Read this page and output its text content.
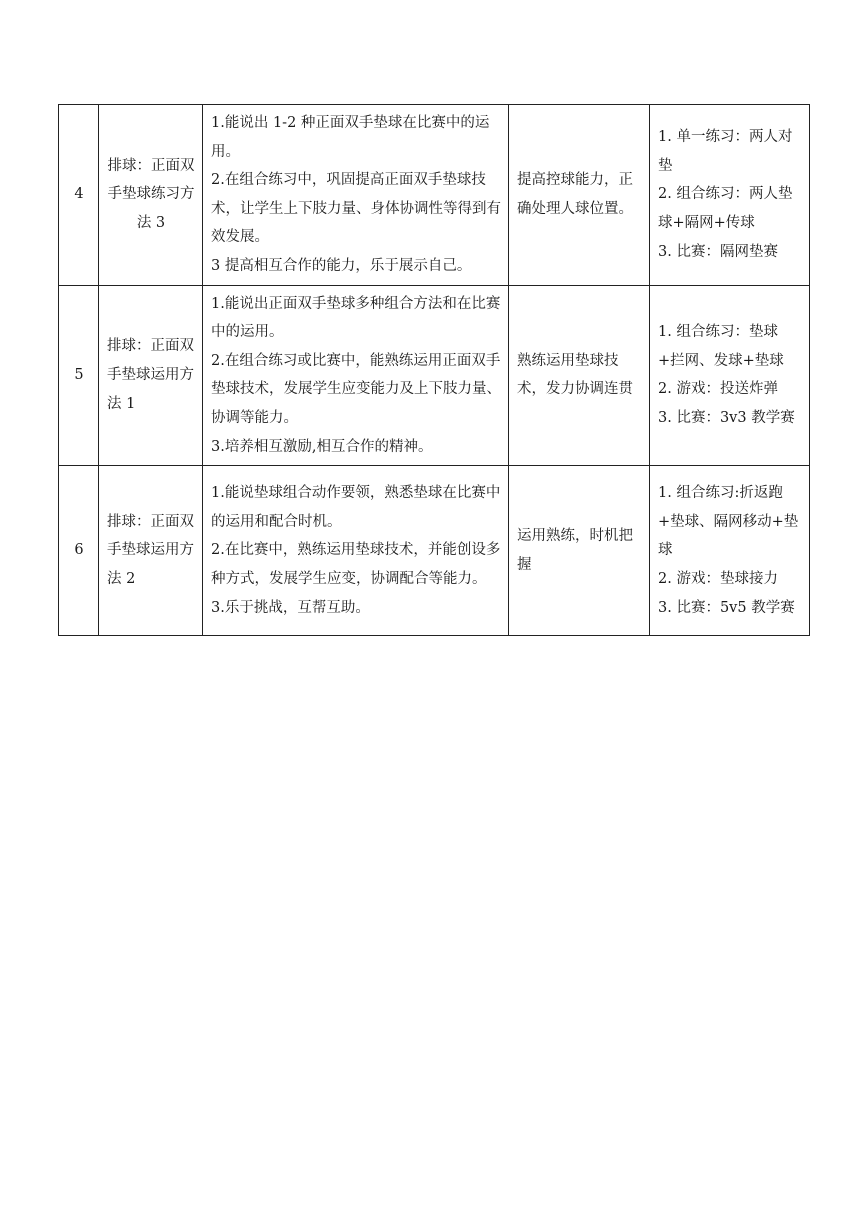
4	排球：正面双手垫球练习方法 3	1.能说出 1-2 种正面双手垫球在比赛中的运用。
2.在组合练习中，巩固提高正面双手垫球技术，让学生上下肢力量、身体协调性等得到有效发展。
3 提高相互合作的能力，乐于展示自己。	提高控球能力，正确处理人球位置。	1. 单一练习：两人对垫
2. 组合练习：两人垫球+隔网+传球
3. 比赛：隔网垫赛

5	排球：正面双手垫球运用方法 1	1.能说出正面双手垫球多种组合方法和在比赛中的运用。
2.在组合练习或比赛中，能熟练运用正面双手垫球技术，发展学生应变能力及上下肢力量、协调等能力。
3.培养相互激励,相互合作的精神。	熟练运用垫球技术，发力协调连贯	1. 组合练习：垫球+拦网、发球+垫球
2. 游戏：投送炸弹
3. 比赛：3v3 教学赛

6	排球：正面双手垫球运用方法 2	1.能说垫球组合动作要领，熟悉垫球在比赛中的运用和配合时机。
2.在比赛中，熟练运用垫球技术，并能创设多种方式，发展学生应变，协调配合等能力。
3.乐于挑战，互帮互助。	运用熟练，时机把握	1. 组合练习:折返跑+垫球、隔网移动+垫球
2. 游戏：垫球接力
3. 比赛：5v5 教学赛
